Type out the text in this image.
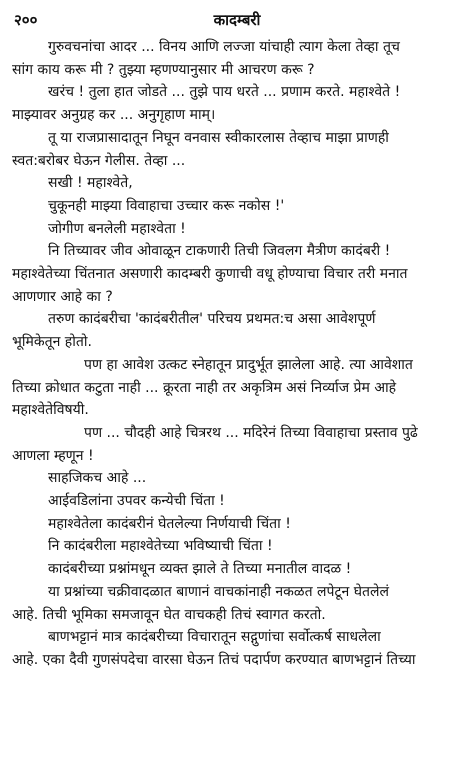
२००	कादम्बरी
गुरुवचनांचा आदर ... विनय आणि लज्जा यांचाही त्याग केला तेव्हा तूच
सांग काय करू मी ? तुझ्या म्हणण्यानुसार मी आचरण करू ?
खरंच ! तुला हात जोडते ... तुझे पाय धरते ... प्रणाम करते. महाश्वेते !
माझ्यावर अनुग्रह कर ... अनुगृहाण माम्।
तू या राजप्रासादातून निघून वनवास स्वीकारलास तेव्हाच माझा प्राणही
स्वत:बरोबर घेऊन गेलीस. तेव्हा ...
सखी ! महाश्वेते,
चुकूनही माझ्या विवाहाचा उच्चार करू नकोस !'
जोगीण बनलेली महाश्वेता !
नि तिच्यावर जीव ओवाळून टाकणारी तिची जिवलग मैत्रीण कादंबरी !
महाश्वेतेच्या चिंतनात असणारी कादम्बरी कुणाची वधू होण्याचा विचार तरी मनात
आणणार आहे का ?
तरुण कादंबरीचा 'कादंबरीतील' परिचय प्रथमत:च असा आवेशपूर्ण
भूमिकेतून होतो.
पण हा आवेश उत्कट स्नेहातून प्रादुर्भूत झालेला आहे. त्या आवेशात
तिच्या क्रोधात कटुता नाही ... क्रूरता नाही तर अकृत्रिम असं निर्व्याज प्रेम आहे
महाश्वेतेविषयी.
पण ... चौदही आहे चित्ररथ ... मदिरेनं तिच्या विवाहाचा प्रस्ताव पुढे
आणला म्हणून !
साहजिकच आहे ...
आईवडिलांना उपवर कन्येची चिंता !
महाश्वेतेला कादंबरीनं घेतलेल्या निर्णयाची चिंता !
नि कादंबरीला महाश्वेतेच्या भविष्याची चिंता !
कादंबरीच्या प्रश्नांमधून व्यक्त झाले ते तिच्या मनातील वादळ !
या प्रश्नांच्या चक्रीवादळात बाणानं वाचकांनाही नकळत लपेटून घेतलेलं
आहे. तिची भूमिका समजावून घेत वाचकही तिचं स्वागत करतो.
बाणभट्टानं मात्र कादंबरीच्या विचारातून सद्गुणांचा सर्वोत्कर्ष साधलेला
आहे. एका दैवी गुणसंपदेचा वारसा घेऊन तिचं पदार्पण करण्यात बाणभट्टानं तिच्या
